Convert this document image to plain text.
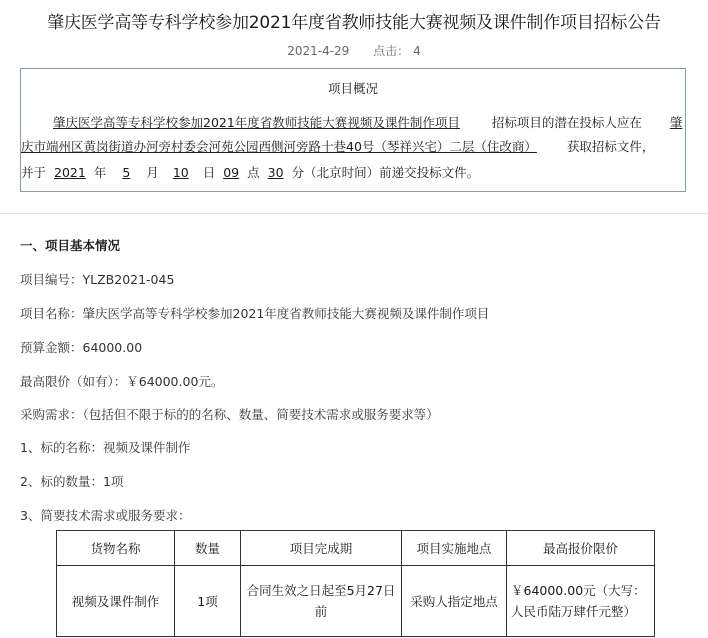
肇庆医学高等专科学校参加2021年度省教师技能大赛视频及课件制作项目招标公告
2021-4-29 点击： 4
项目概况
肇庆医学高等专科学校参加2021年度省教师技能大赛视频及课件制作项目	招标项目的潜在投标人应在 肇
庆市端州区黄岗街道办河旁村委会河苑公园西侧河旁路十巷40号（琴祥兴宅）二层（住改商） 获取招标文件，
并于 2021 年 5 月 10 日 09 点 30 分（北京时间）前递交投标文件。
一、项目基本情况
项目编号：YLZB2021-045
项目名称：肇庆医学高等专科学校参加2021年度省教师技能大赛视频及课件制作项目
预算金额：64000.00
最高限价（如有）：￥64000.00元。
采购需求：（包括但不限于标的的名称、数量、简要技术需求或服务要求等）
1、标的名称：视频及课件制作
2、标的数量：1项
3、简要技术需求或服务要求：
货物名称	数量	项目完成期	项目实施地点	最高报价限价
视频及课件制作	1项	合同生效之日起至5月27日前	采购人指定地点	￥64000.00元（大写：人民币陆万肆仟元整）
